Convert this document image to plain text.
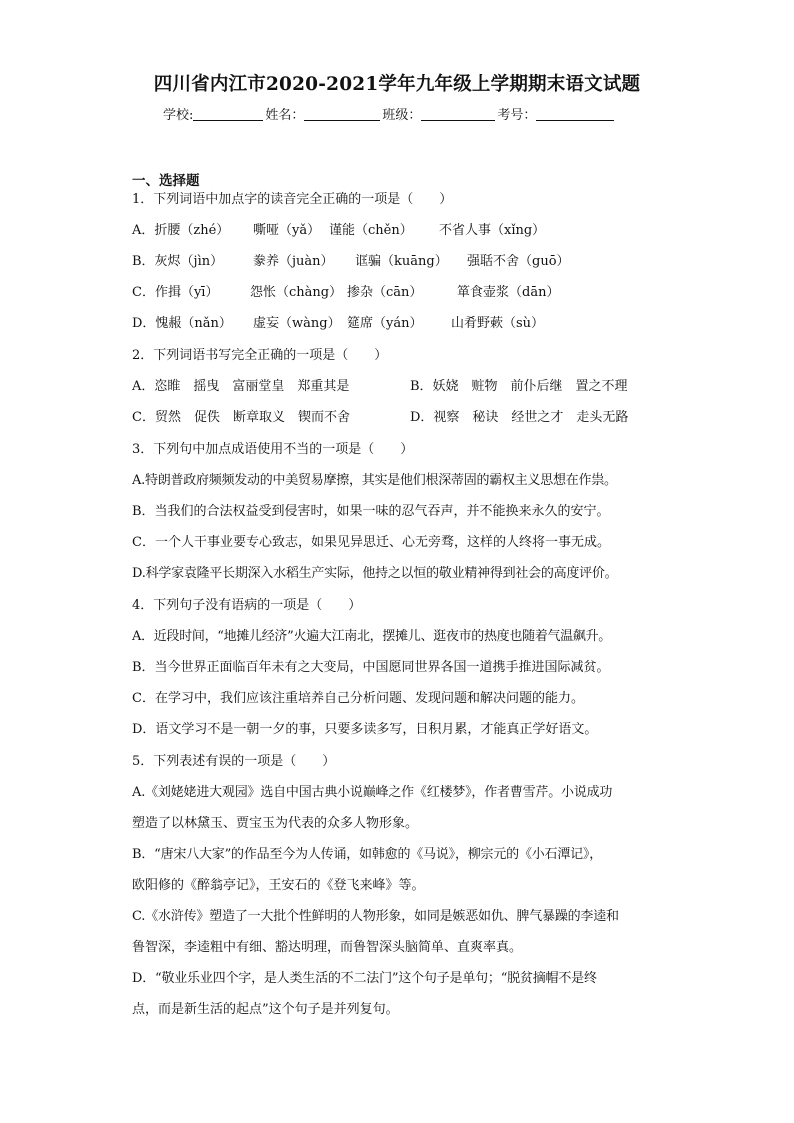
四川省内江市2020-2021学年九年级上学期期末语文试题
学校:	姓名：	班级：	考号：
一、选择题
1．下列词语中加点字的读音完全正确的一项是（　　）
A．折腰（zhé） 嘶哑（yǎ） 谨能（chěn） 不省人事（xǐng）
B．灰烬（jìn） 豢养（juàn） 诓骗（kuāng） 强聒不舍（guō）
C．作揖（yī） 怨怅（chàng） 掺杂（cān）	箪食壶浆（dān）
D．愧赧（nǎn） 虚妄（wàng） 筵席（yán） 山肴野蔌（sù）
2．下列词语书写完全正确的一项是（　　）
A．恣睢　摇曳　富丽堂皇　郑重其是	B．妖娆　赃物　前仆后继　置之不理
C．贸然　促佚　断章取义　锲而不舍	D．视察　秘诀　经世之才　走头无路
3．下列句中加点成语使用不当的一项是（　　）
A.特朗普政府频频发动的中美贸易摩擦，其实是他们根深蒂固的霸权主义思想在作祟。
B．当我们的合法权益受到侵害时，如果一味的忍气吞声，并不能换来永久的安宁。
C．一个人干事业要专心致志，如果见异思迁、心无旁骛，这样的人终将一事无成。
D.科学家袁隆平长期深入水稻生产实际，他持之以恒的敬业精神得到社会的高度评价。
4．下列句子没有语病的一项是（　　）
A．近段时间，“地摊儿经济”火遍大江南北，摆摊儿、逛夜市的热度也随着气温飙升。
B．当今世界正面临百年未有之大变局，中国愿同世界各国一道携手推进国际减贫。
C．在学习中，我们应该注重培养自己分析问题、发现问题和解决问题的能力。
D．语文学习不是一朝一夕的事，只要多读多写，日积月累，才能真正学好语文。
5．下列表述有误的一项是（　　）
A.《刘姥姥进大观园》选自中国古典小说巅峰之作《红楼梦》，作者曹雪芹。小说成功
塑造了以林黛玉、贾宝玉为代表的众多人物形象。
B．“唐宋八大家”的作品至今为人传诵，如韩愈的《马说》，柳宗元的《小石潭记》，
欧阳修的《醉翁亭记》，王安石的《登飞来峰》等。
C.《水浒传》塑造了一大批个性鲜明的人物形象，如同是嫉恶如仇、脾气暴躁的李逵和
鲁智深，李逵粗中有细、豁达明理，而鲁智深头脑简单、直爽率真。
D．“敬业乐业四个字，是人类生活的不二法门”这个句子是单句；“脱贫摘帽不是终
点，而是新生活的起点”这个句子是并列复句。
